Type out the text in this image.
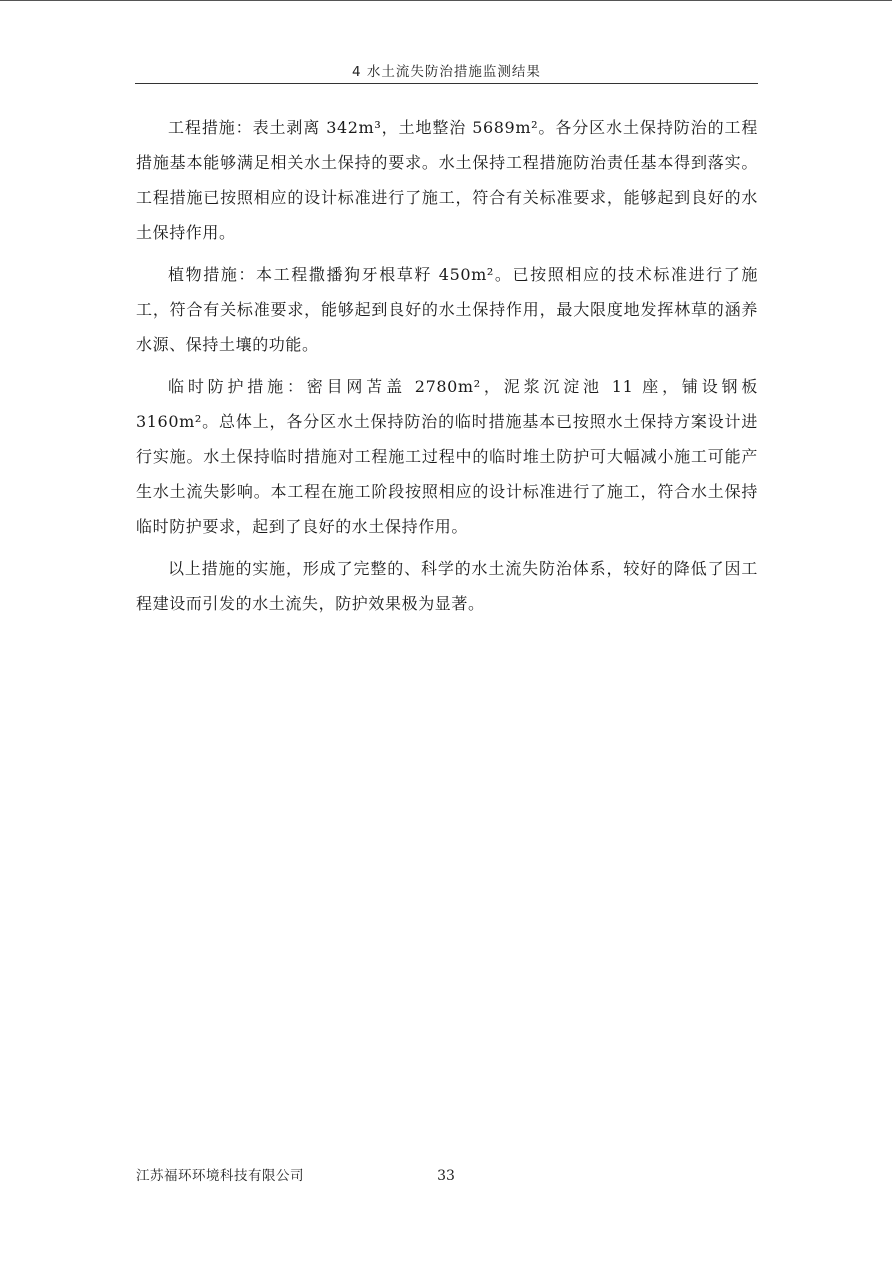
4 水土流失防治措施监测结果

工程措施：表土剥离 342m³，土地整治 5689m²。各分区水土保持防治的工程措施基本能够满足相关水土保持的要求。水土保持工程措施防治责任基本得到落实。工程措施已按照相应的设计标准进行了施工，符合有关标准要求，能够起到良好的水土保持作用。

植物措施：本工程撒播狗牙根草籽 450m²。已按照相应的技术标准进行了施工，符合有关标准要求，能够起到良好的水土保持作用，最大限度地发挥林草的涵养水源、保持土壤的功能。

临时防护措施：密目网苫盖 2780m²，泥浆沉淀池 11 座，铺设钢板 3160m²。总体上，各分区水土保持防治的临时措施基本已按照水土保持方案设计进行实施。水土保持临时措施对工程施工过程中的临时堆土防护可大幅减小施工可能产生水土流失影响。本工程在施工阶段按照相应的设计标准进行了施工，符合水土保持临时防护要求，起到了良好的水土保持作用。

以上措施的实施，形成了完整的、科学的水土流失防治体系，较好的降低了因工程建设而引发的水土流失，防护效果极为显著。

江苏福环环境科技有限公司	33
